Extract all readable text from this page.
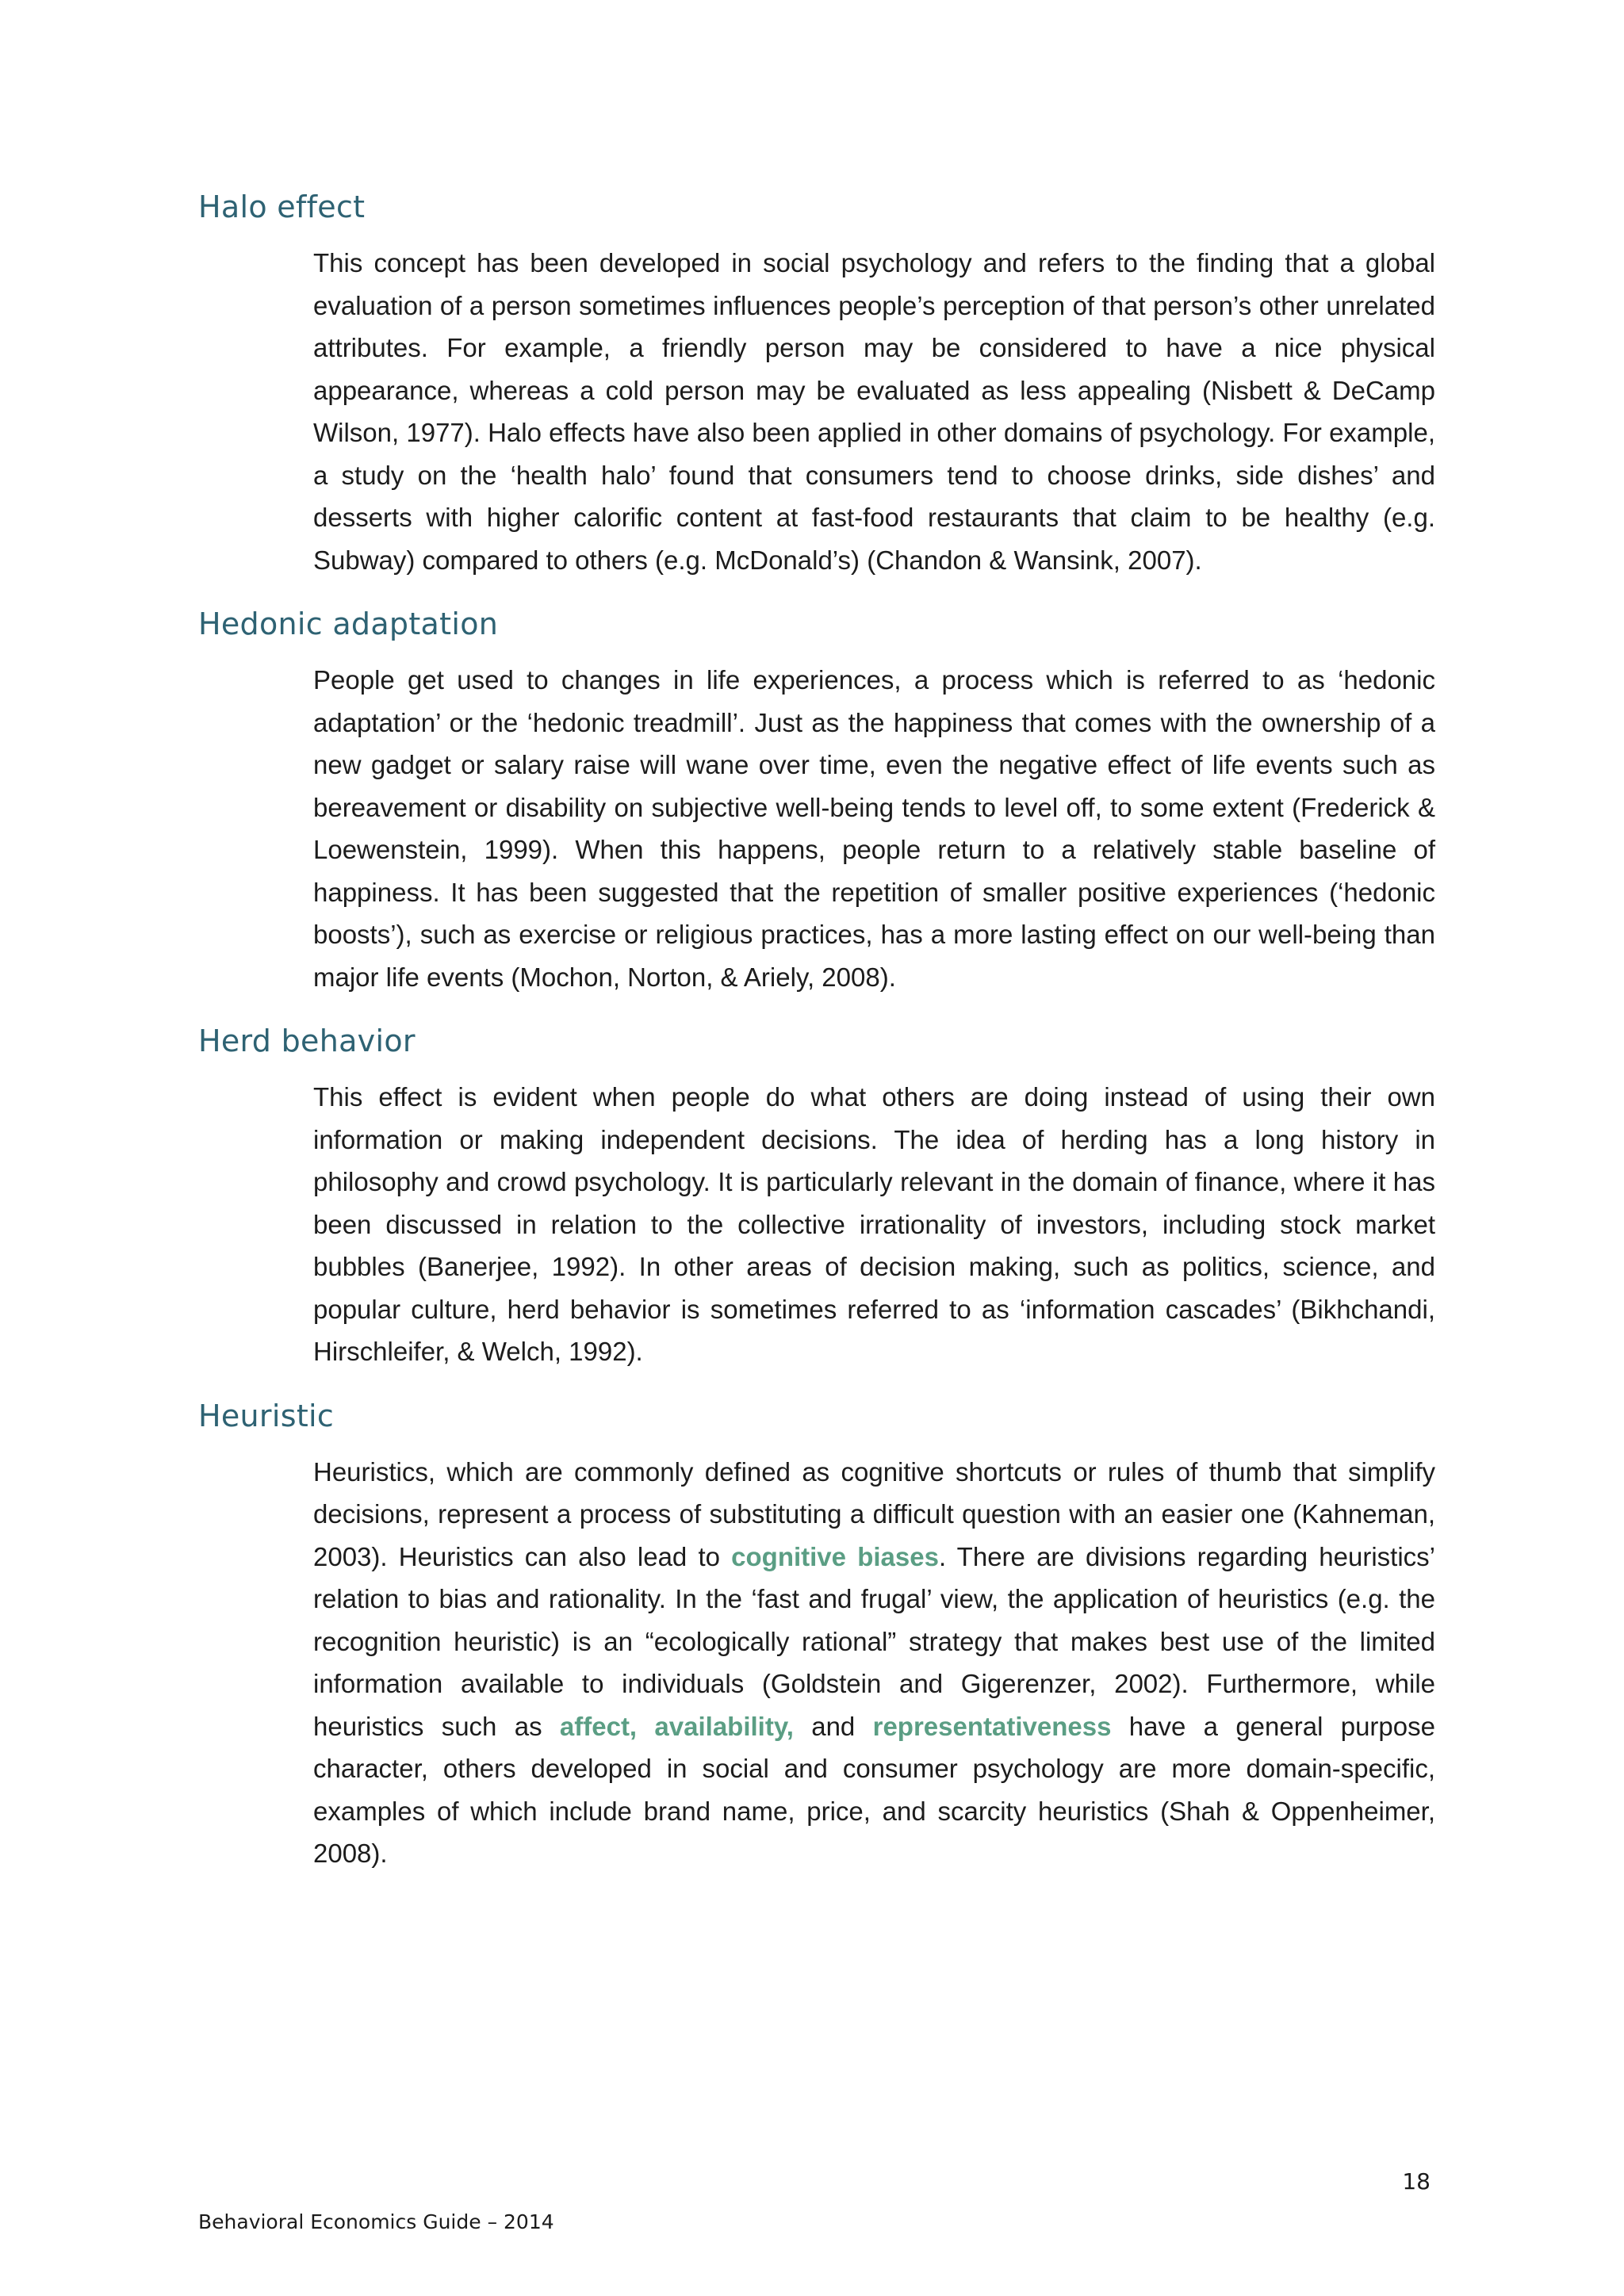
Halo effect

This concept has been developed in social psychology and refers to the finding that a global evaluation of a person sometimes influences people’s perception of that person’s other unrelated attributes. For example, a friendly person may be considered to have a nice physical appearance, whereas a cold person may be evaluated as less appealing (Nisbett & DeCamp Wilson, 1977). Halo effects have also been applied in other domains of psychology. For example, a study on the ‘health halo’ found that consumers tend to choose drinks, side dishes’ and desserts with higher calorific content at fast-food restaurants that claim to be healthy (e.g. Subway) compared to others (e.g. McDonald’s) (Chandon & Wansink, 2007).

Hedonic adaptation

People get used to changes in life experiences, a process which is referred to as ‘hedonic adaptation’ or the ‘hedonic treadmill’. Just as the happiness that comes with the ownership of a new gadget or salary raise will wane over time, even the negative effect of life events such as bereavement or disability on subjective well-being tends to level off, to some extent (Frederick & Loewenstein, 1999). When this happens, people return to a relatively stable baseline of happiness. It has been suggested that the repetition of smaller positive experiences (‘hedonic boosts’), such as exercise or religious practices, has a more lasting effect on our well-being than major life events (Mochon, Norton, & Ariely, 2008).

Herd behavior

This effect is evident when people do what others are doing instead of using their own information or making independent decisions. The idea of herding has a long history in philosophy and crowd psychology. It is particularly relevant in the domain of finance, where it has been discussed in relation to the collective irrationality of investors, including stock market bubbles (Banerjee, 1992). In other areas of decision making, such as politics, science, and popular culture, herd behavior is sometimes referred to as ‘information cascades’ (Bikhchandi, Hirschleifer, & Welch, 1992).

Heuristic

Heuristics, which are commonly defined as cognitive shortcuts or rules of thumb that simplify decisions, represent a process of substituting a difficult question with an easier one (Kahneman, 2003). Heuristics can also lead to cognitive biases. There are divisions regarding heuristics’ relation to bias and rationality. In the ‘fast and frugal’ view, the application of heuristics (e.g. the recognition heuristic) is an “ecologically rational” strategy that makes best use of the limited information available to individuals (Goldstein and Gigerenzer, 2002). Furthermore, while heuristics such as affect, availability, and representativeness have a general purpose character, others developed in social and consumer psychology are more domain-specific, examples of which include brand name, price, and scarcity heuristics (Shah & Oppenheimer, 2008).

18
Behavioral Economics Guide – 2014
